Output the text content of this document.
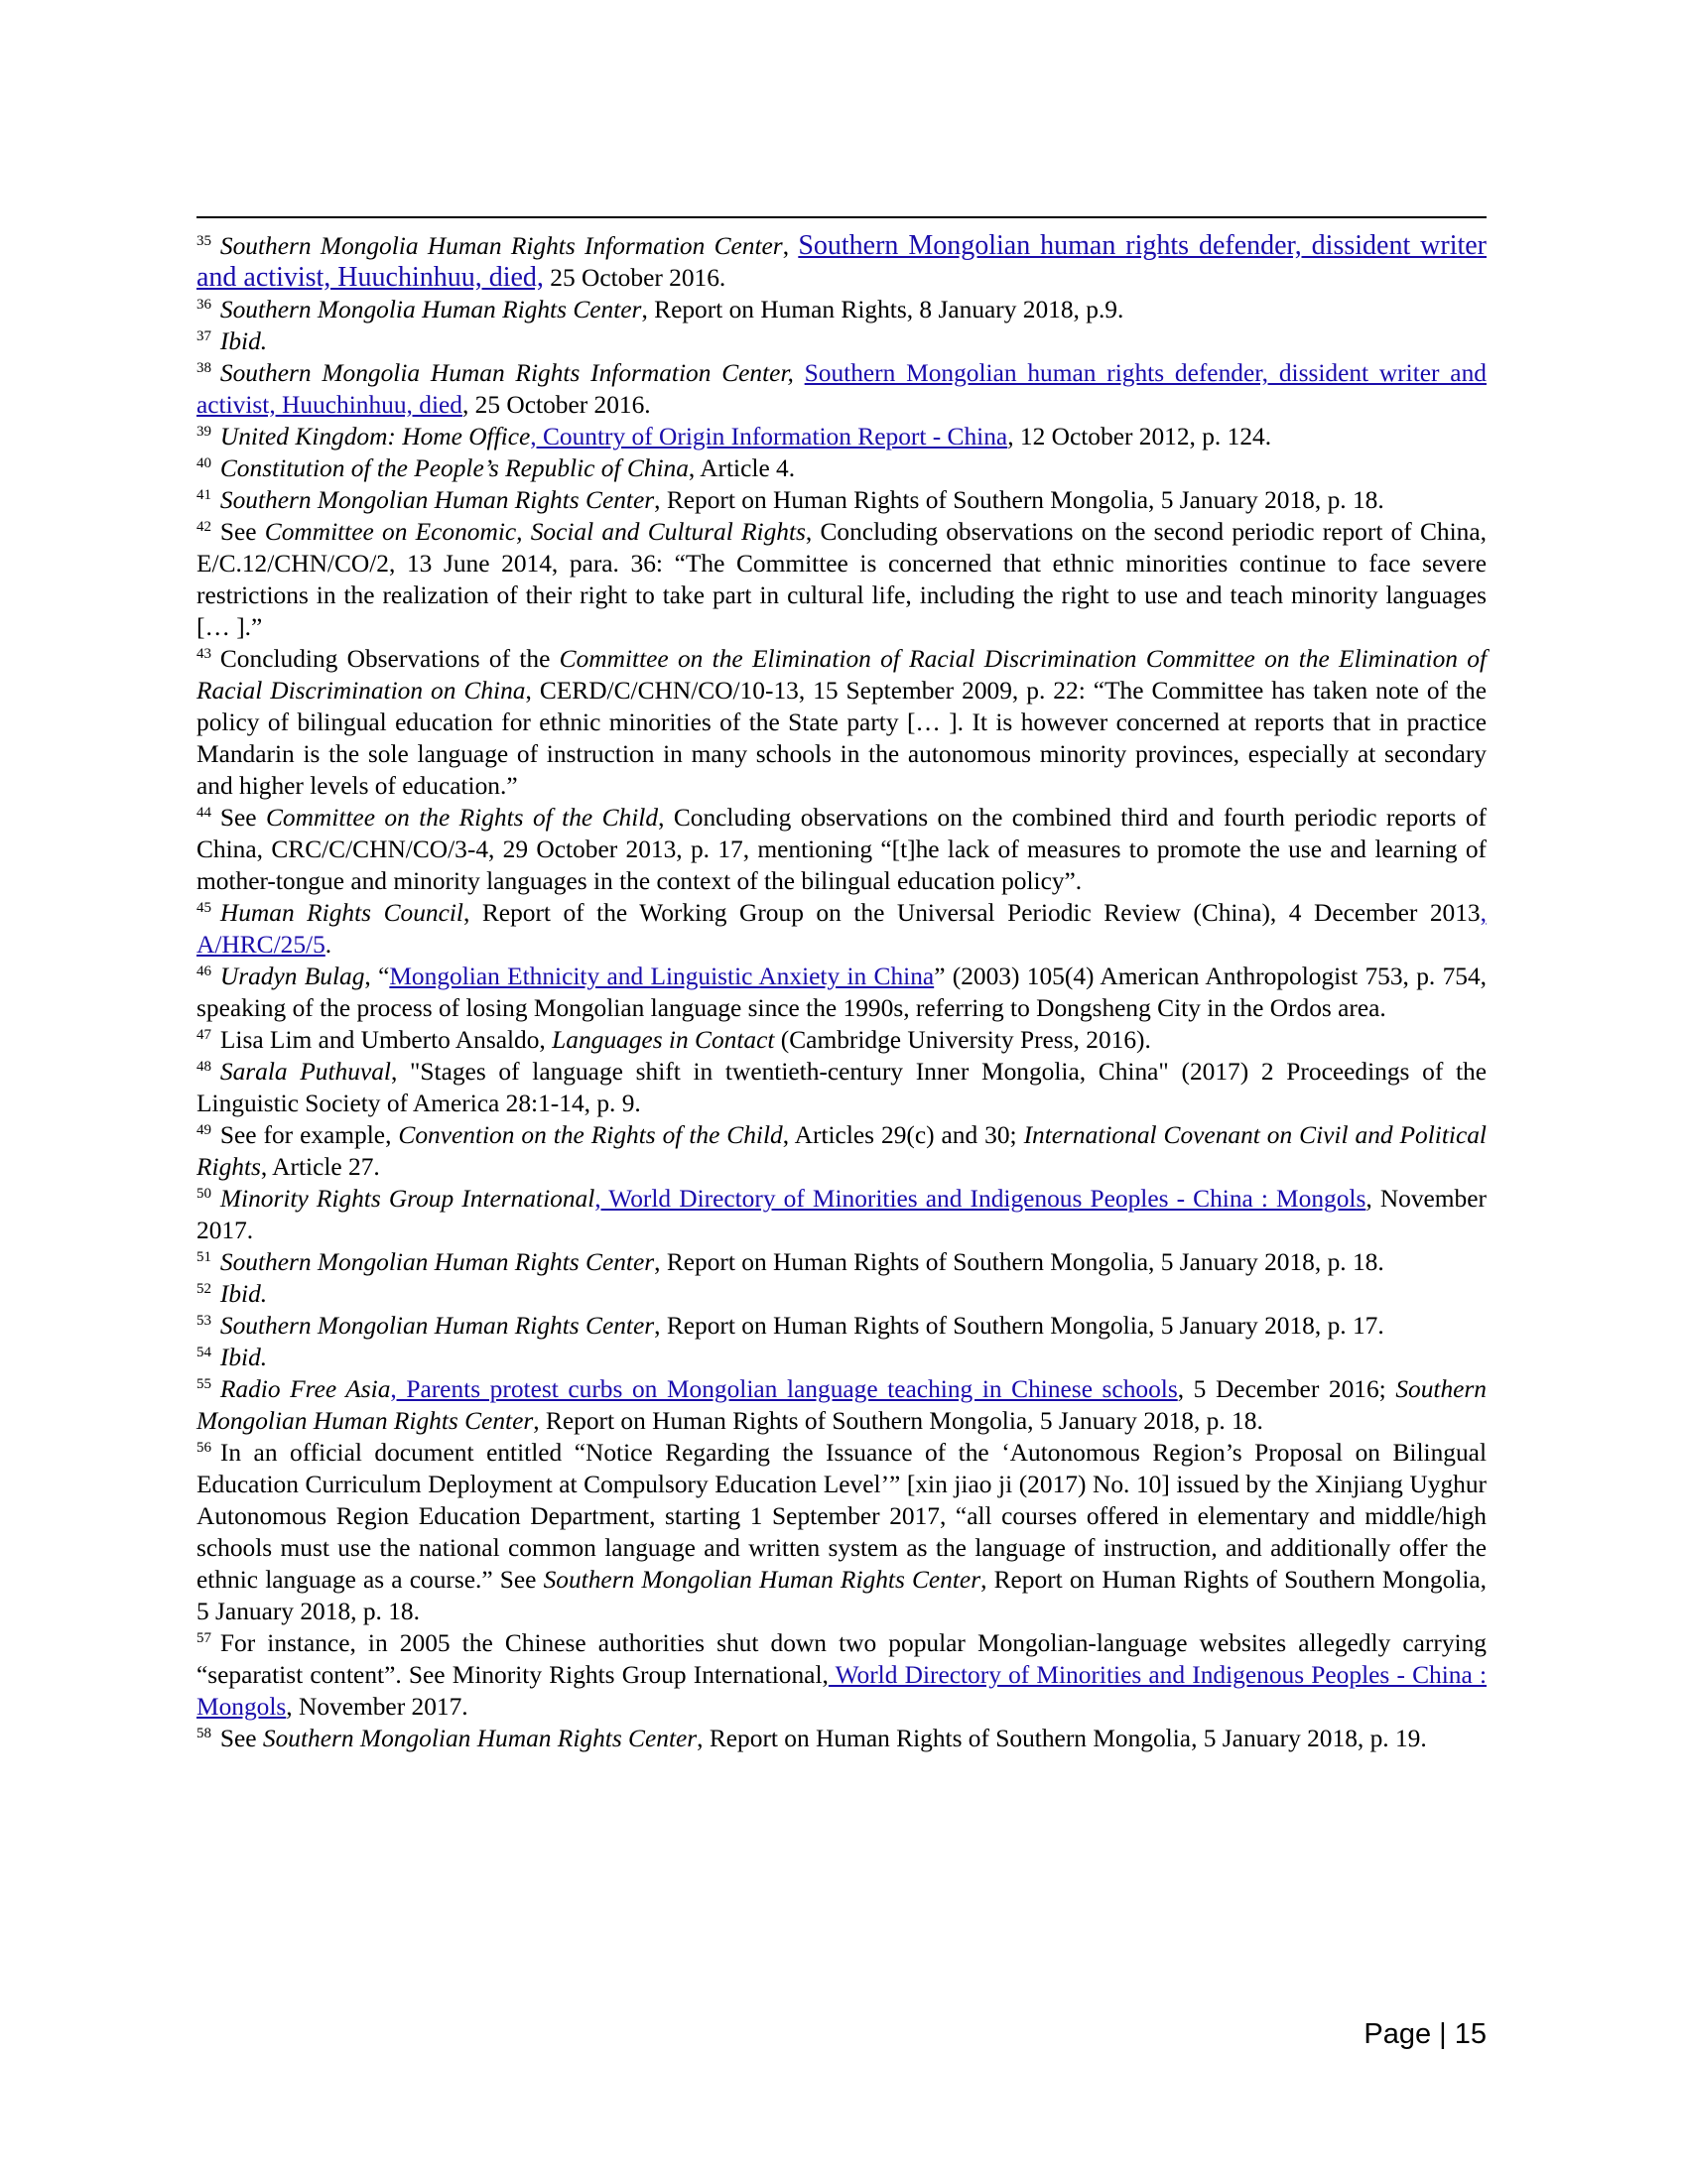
$^{35}$ Southern Mongolia Human Rights Information Center, Southern Mongolian human rights defender, dissident writer and activist, Huuchinhuu, died, 25 October 2016.

$^{36}$ Southern Mongolia Human Rights Center, Report on Human Rights, 8 January 2018, p.9.

$^{37}$ Ibid.

$^{38}$ Southern Mongolia Human Rights Information Center, Southern Mongolian human rights defender, dissident writer and activist, Huuchinhuu, died, 25 October 2016.

$^{39}$ United Kingdom: Home Office, Country of Origin Information Report - China, 12 October 2012, p. 124.

$^{40}$ Constitution of the People’s Republic of China, Article 4.

$^{41}$ Southern Mongolian Human Rights Center, Report on Human Rights of Southern Mongolia, 5 January 2018, p. 18.

$^{42}$ See Committee on Economic, Social and Cultural Rights, Concluding observations on the second periodic report of China, E/C.12/CHN/CO/2, 13 June 2014, para. 36: “The Committee is concerned that ethnic minorities continue to face severe restrictions in the realization of their right to take part in cultural life, including the right to use and teach minority languages [… ].”

$^{43}$ Concluding Observations of the Committee on the Elimination of Racial Discrimination Committee on the Elimination of Racial Discrimination on China, CERD/C/CHN/CO/10-13, 15 September 2009, p. 22: “The Committee has taken note of the policy of bilingual education for ethnic minorities of the State party [… ]. It is however concerned at reports that in practice Mandarin is the sole language of instruction in many schools in the autonomous minority provinces, especially at secondary and higher levels of education.”

$^{44}$ See Committee on the Rights of the Child, Concluding observations on the combined third and fourth periodic reports of China, CRC/C/CHN/CO/3-4, 29 October 2013, p. 17, mentioning “[t]he lack of measures to promote the use and learning of mother-tongue and minority languages in the context of the bilingual education policy”.

$^{45}$ Human Rights Council, Report of the Working Group on the Universal Periodic Review (China), 4 December 2013, A/HRC/25/5.

$^{46}$ Uradyn Bulag, “Mongolian Ethnicity and Linguistic Anxiety in China” (2003) 105(4) American Anthropologist 753, p. 754, speaking of the process of losing Mongolian language since the 1990s, referring to Dongsheng City in the Ordos area.

$^{47}$ Lisa Lim and Umberto Ansaldo, Languages in Contact (Cambridge University Press, 2016).

$^{48}$ Sarala Puthuval, "Stages of language shift in twentieth-century Inner Mongolia, China" (2017) 2 Proceedings of the Linguistic Society of America 28:1-14, p. 9.

$^{49}$ See for example, Convention on the Rights of the Child, Articles 29(c) and 30; International Covenant on Civil and Political Rights, Article 27.

$^{50}$ Minority Rights Group International, World Directory of Minorities and Indigenous Peoples - China : Mongols, November 2017.

$^{51}$ Southern Mongolian Human Rights Center, Report on Human Rights of Southern Mongolia, 5 January 2018, p. 18.

$^{52}$ Ibid.

$^{53}$ Southern Mongolian Human Rights Center, Report on Human Rights of Southern Mongolia, 5 January 2018, p. 17.

$^{54}$ Ibid.

$^{55}$ Radio Free Asia, Parents protest curbs on Mongolian language teaching in Chinese schools, 5 December 2016; Southern Mongolian Human Rights Center, Report on Human Rights of Southern Mongolia, 5 January 2018, p. 18.

$^{56}$ In an official document entitled “Notice Regarding the Issuance of the ‘Autonomous Region’s Proposal on Bilingual Education Curriculum Deployment at Compulsory Education Level’” [xin jiao ji (2017) No. 10] issued by the Xinjiang Uyghur Autonomous Region Education Department, starting 1 September 2017, “all courses offered in elementary and middle/high schools must use the national common language and written system as the language of instruction, and additionally offer the ethnic language as a course.” See Southern Mongolian Human Rights Center, Report on Human Rights of Southern Mongolia, 5 January 2018, p. 18.

$^{57}$ For instance, in 2005 the Chinese authorities shut down two popular Mongolian-language websites allegedly carrying “separatist content”. See Minority Rights Group International, World Directory of Minorities and Indigenous Peoples - China : Mongols, November 2017.

$^{58}$ See Southern Mongolian Human Rights Center, Report on Human Rights of Southern Mongolia, 5 January 2018, p. 19.

Page | 15
